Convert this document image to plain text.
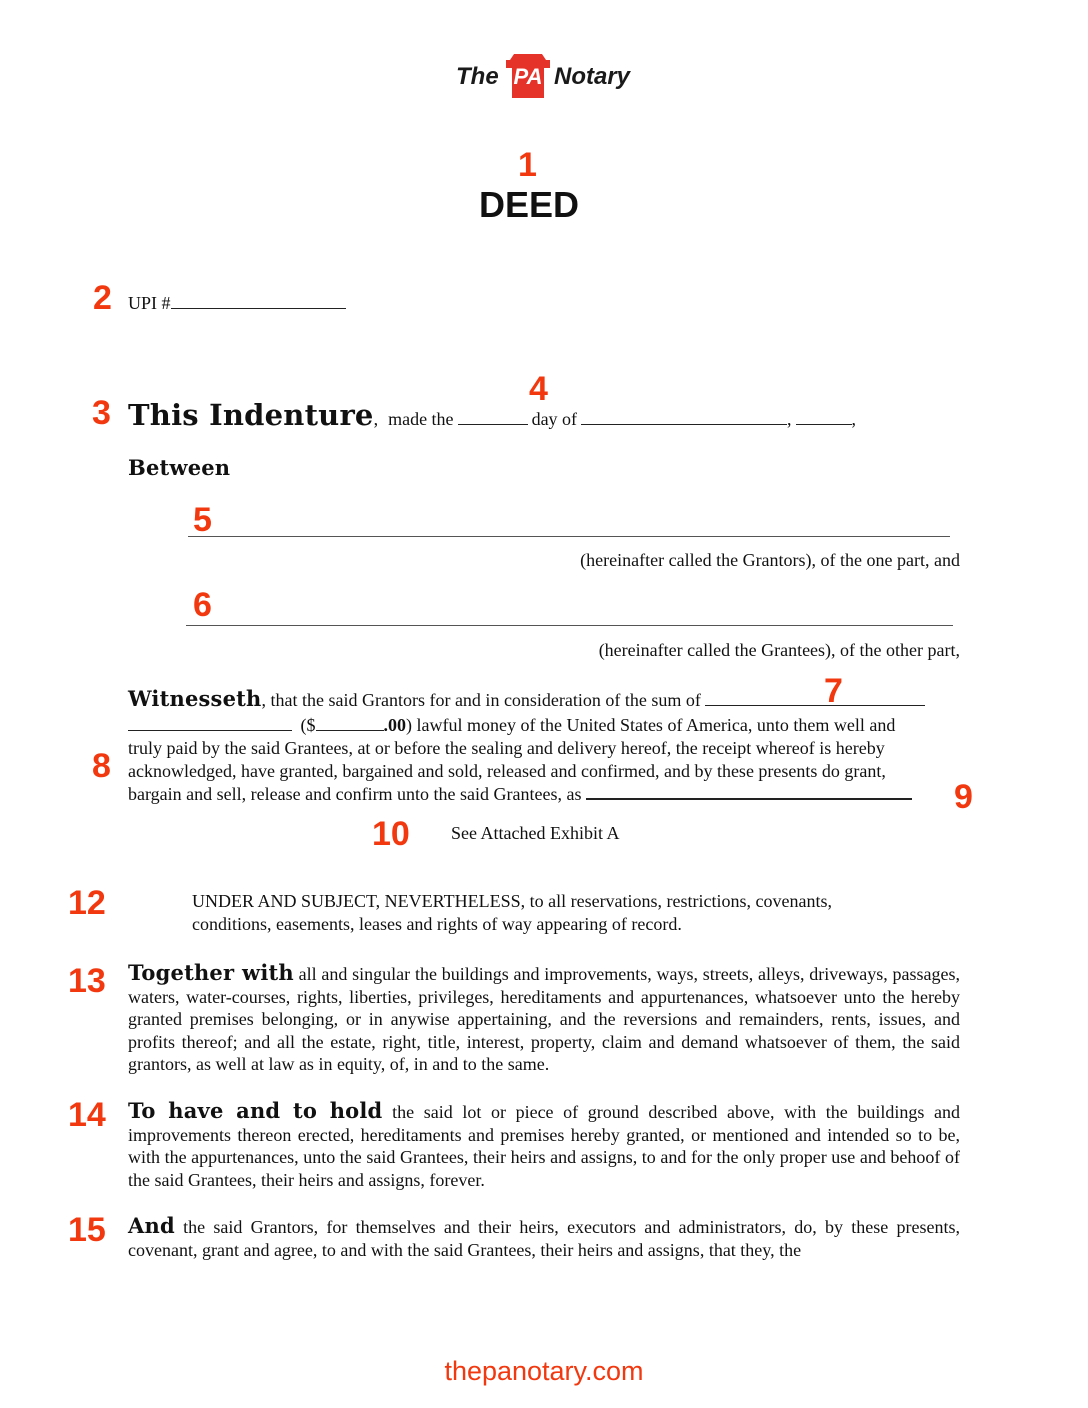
The PA Notary
1
2
3
4
5
6
7
8
9
10
12
13
14
15
DEED
UPI #
This Indenture, made the	day of	,	,
Between
(hereinafter called the Grantors), of the one part, and
(hereinafter called the Grantees), of the other part,
Witnesseth, that the said Grantors for and in consideration of the sum of
($	.00) lawful money of the United States of America, unto them well and
truly paid by the said Grantees, at or before the sealing and delivery hereof, the receipt whereof is hereby
acknowledged, have granted, bargained and sold, released and confirmed, and by these presents do grant,
bargain and sell, release and confirm unto the said Grantees, as
See Attached Exhibit A
UNDER AND SUBJECT, NEVERTHELESS, to all reservations, restrictions, covenants,
conditions, easements, leases and rights of way appearing of record.
Together with all and singular the buildings and improvements, ways, streets, alleys, driveways, passages, waters, water-courses, rights, liberties, privileges, hereditaments and appurtenances, whatsoever unto the hereby granted premises belonging, or in anywise appertaining, and the reversions and remainders, rents, issues, and profits thereof; and all the estate, right, title, interest, property, claim and demand whatsoever of them, the said grantors, as well at law as in equity, of, in and to the same.
To have and to hold the said lot or piece of ground described above, with the buildings and improvements thereon erected, hereditaments and premises hereby granted, or mentioned and intended so to be, with the appurtenances, unto the said Grantees, their heirs and assigns, to and for the only proper use and behoof of the said Grantees, their heirs and assigns, forever.
And the said Grantors, for themselves and their heirs, executors and administrators, do, by these presents, covenant, grant and agree, to and with the said Grantees, their heirs and assigns, that they, the
thepanotary.com
